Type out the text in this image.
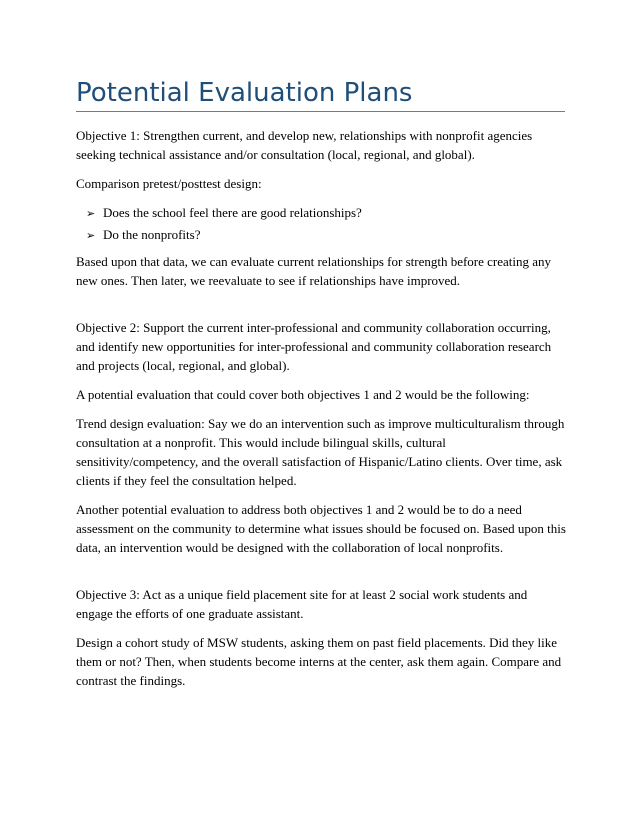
Potential Evaluation Plans

Objective 1: Strengthen current, and develop new, relationships with nonprofit agencies seeking technical assistance and/or consultation (local, regional, and global).

Comparison pretest/posttest design:

➢ Does the school feel there are good relationships?
➢ Do the nonprofits?

Based upon that data, we can evaluate current relationships for strength before creating any new ones. Then later, we reevaluate to see if relationships have improved.

Objective 2: Support the current inter-professional and community collaboration occurring, and identify new opportunities for inter-professional and community collaboration research and projects (local, regional, and global).

A potential evaluation that could cover both objectives 1 and 2 would be the following:

Trend design evaluation: Say we do an intervention such as improve multiculturalism through consultation at a nonprofit. This would include bilingual skills, cultural sensitivity/competency, and the overall satisfaction of Hispanic/Latino clients. Over time, ask clients if they feel the consultation helped.

Another potential evaluation to address both objectives 1 and 2 would be to do a need assessment on the community to determine what issues should be focused on. Based upon this data, an intervention would be designed with the collaboration of local nonprofits.

Objective 3: Act as a unique field placement site for at least 2 social work students and engage the efforts of one graduate assistant.

Design a cohort study of MSW students, asking them on past field placements. Did they like them or not? Then, when students become interns at the center, ask them again. Compare and contrast the findings.
